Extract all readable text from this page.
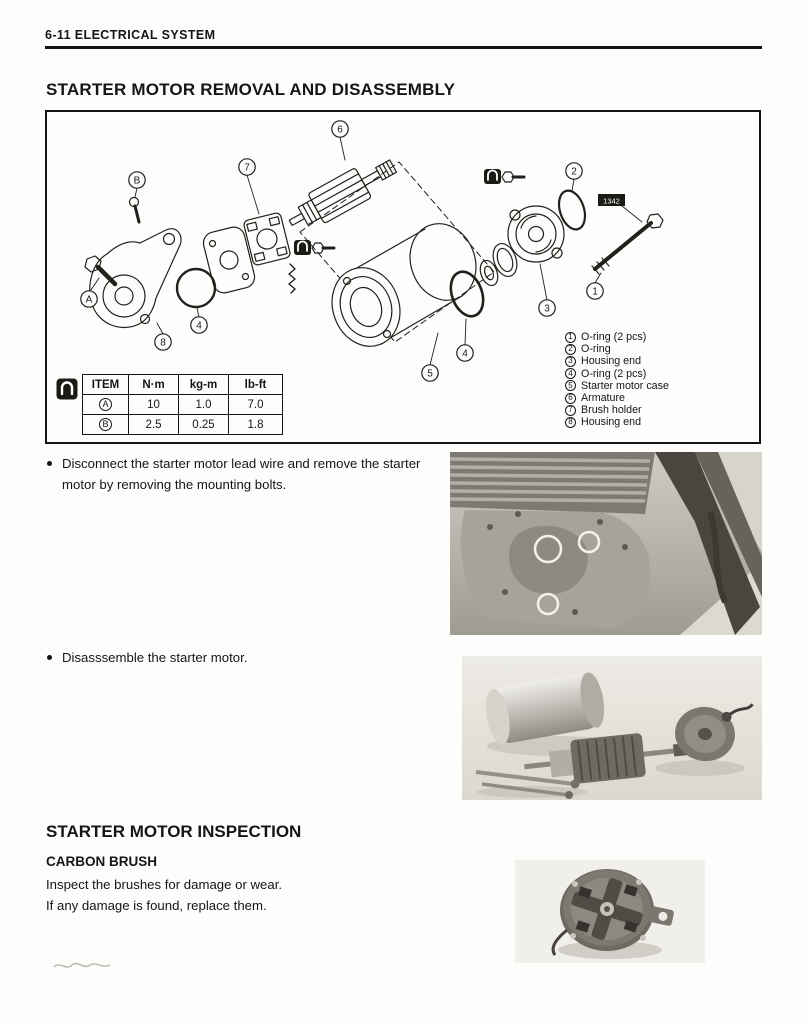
6-11 ELECTRICAL SYSTEM
STARTER MOTOR REMOVAL AND DISASSEMBLY
1342
B
7
6
2
A
4
8
5
4
3
1
ITEM	N·m	kg-m	lb-ft
A	10	1.0	7.0
B	2.5	0.25	1.8
1 O-ring (2 pcs)
2 O-ring
3 Housing end
4 O-ring (2 pcs)
5 Starter motor case
6 Armature
7 Brush holder
8 Housing end

Disconnect the starter motor lead wire and remove the starter motor by removing the mounting bolts.

Disasssemble the starter motor.

STARTER MOTOR INSPECTION
CARBON BRUSH

Inspect the brushes for damage or wear.

If any damage is found, replace them.
